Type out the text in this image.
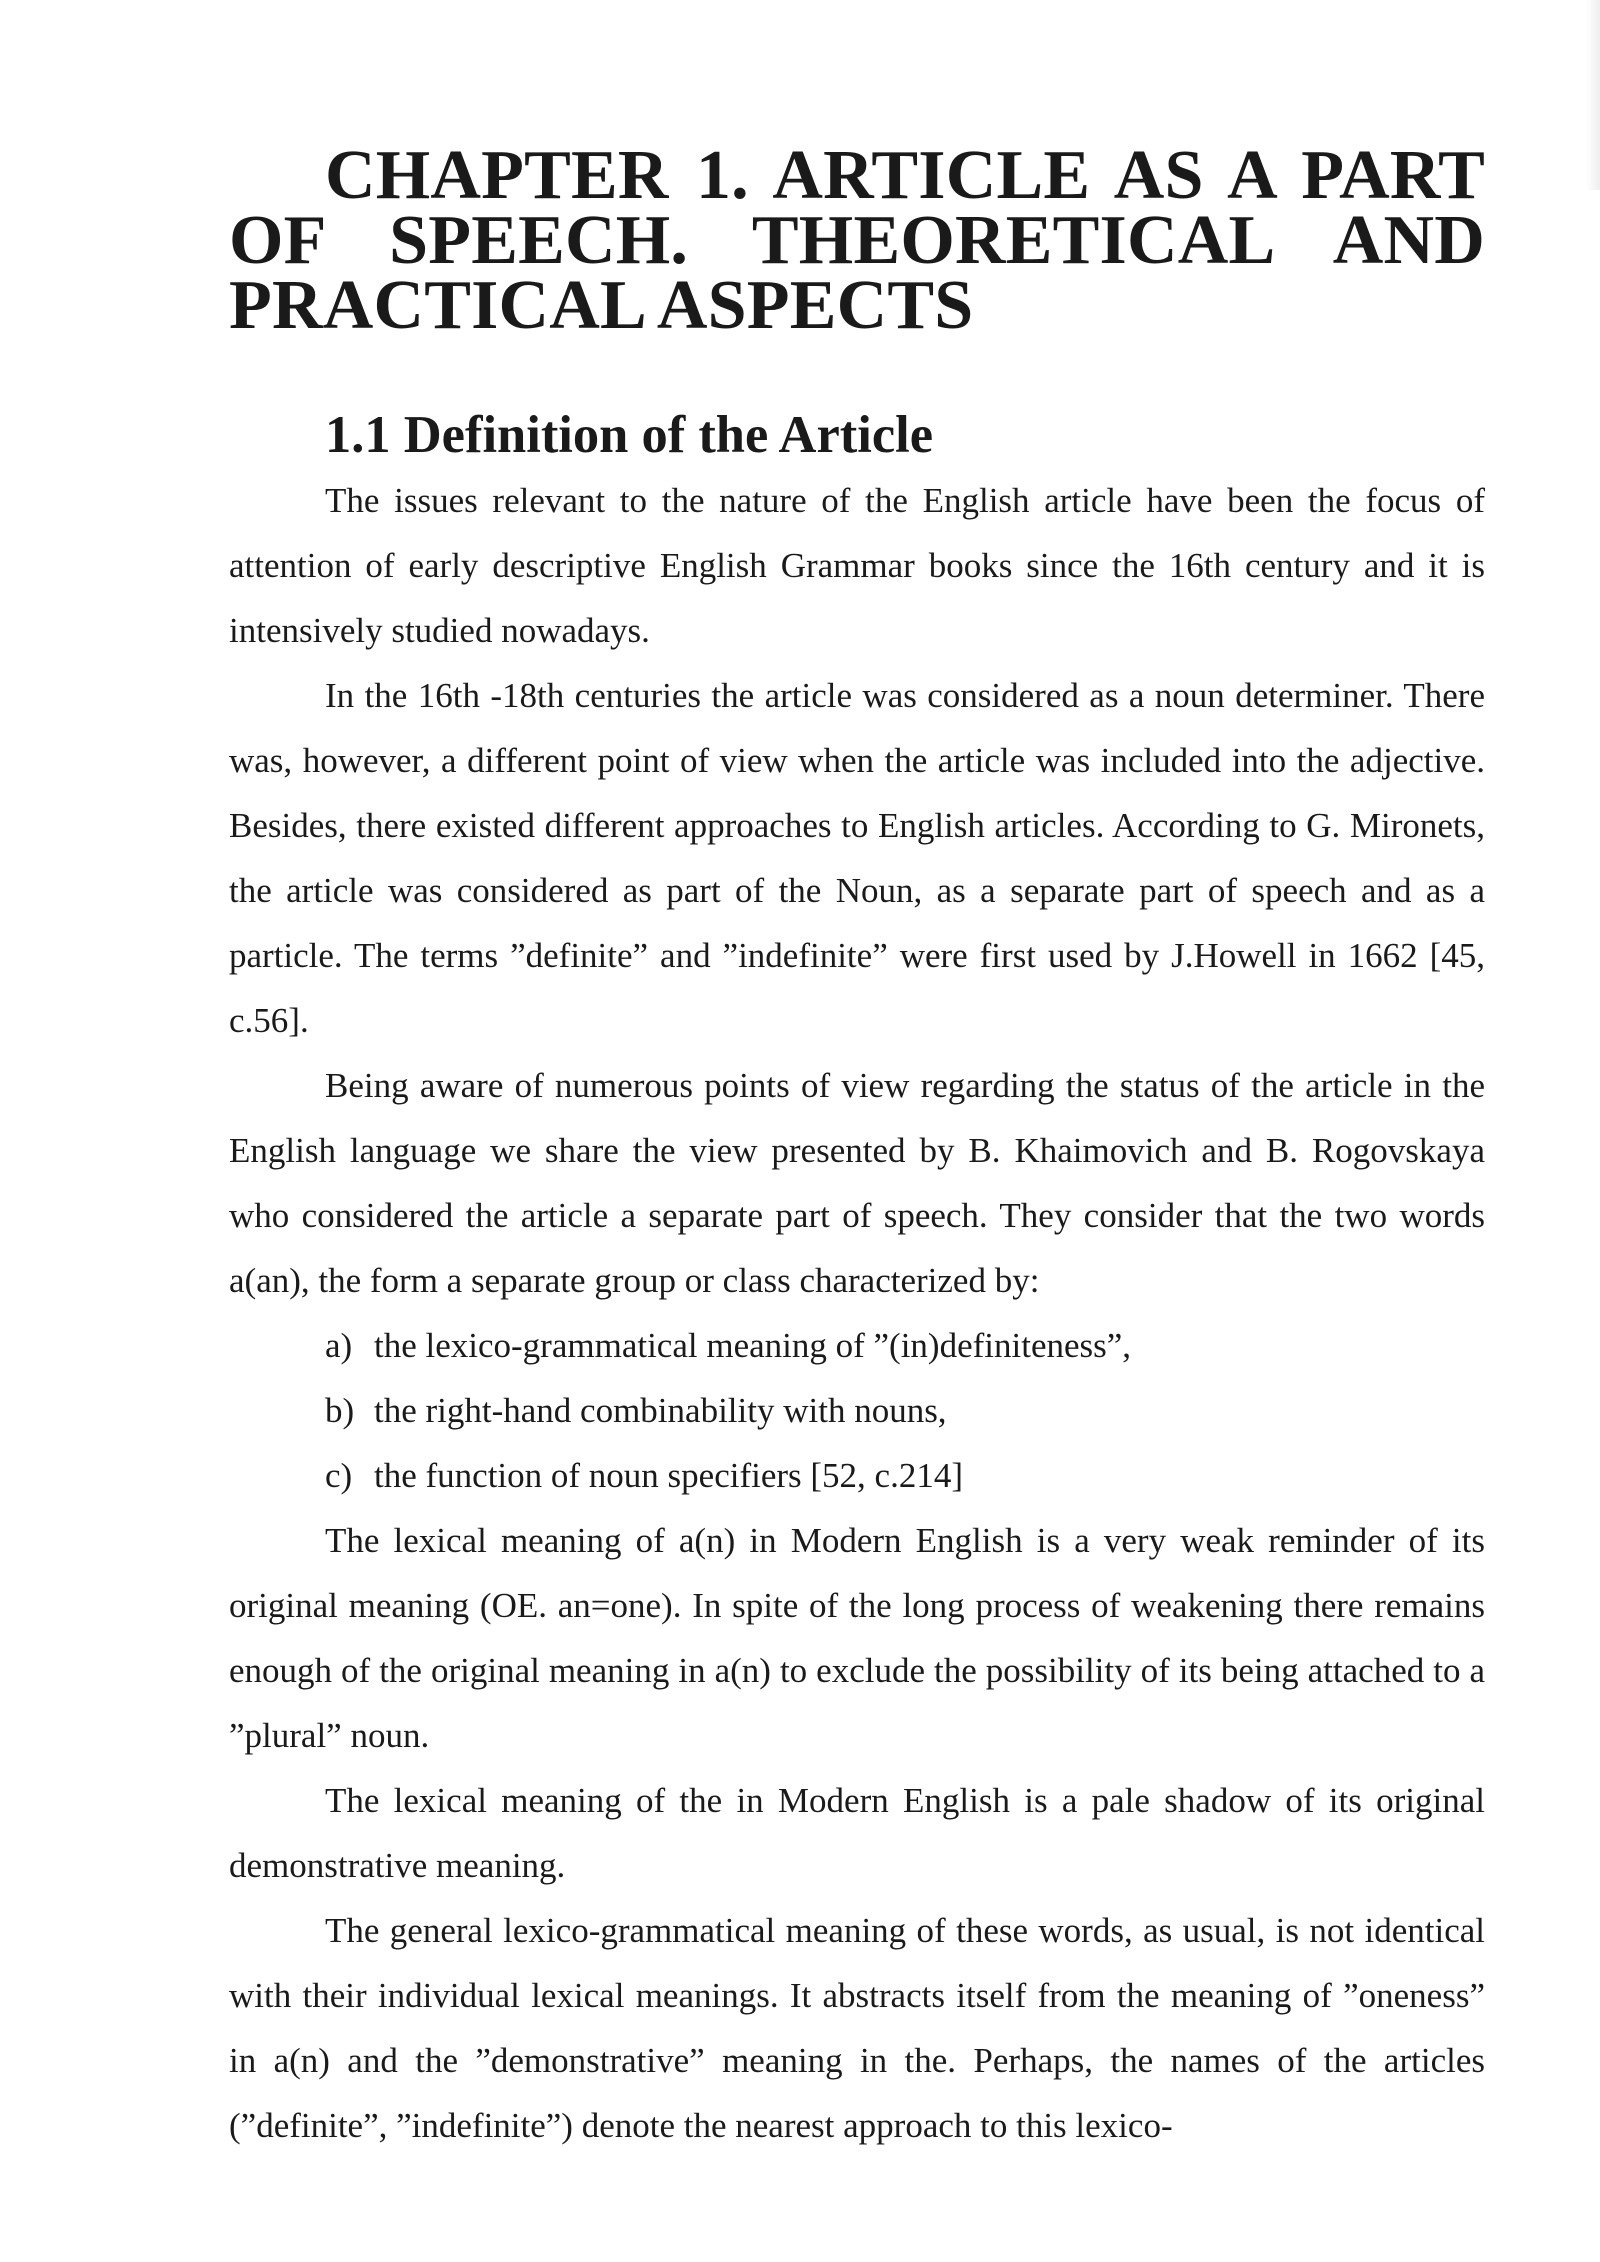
CHAPTER 1. ARTICLE AS A PART OF SPEECH. THEORETICAL AND PRACTICAL ASPECTS
1.1 Definition of the Article

The issues relevant to the nature of the English article have been the focus of attention of early descriptive English Grammar books since the 16th century and it is intensively studied nowadays.

In the 16th -18th centuries the article was considered as a noun determiner. There was, however, a different point of view when the article was included into the adjective. Besides, there existed different approaches to English articles. According to G. Mironets, the article was considered as part of the Noun, as a separate part of speech and as a particle. The terms ”definite” and ”indefinite” were first used by J.Howell in 1662 [45, c.56].

Being aware of numerous points of view regarding the status of the article in the English language we share the view presented by B. Khaimovich and B. Rogovskaya who considered the article a separate part of speech. They consider that the two words a(an), the form a separate group or class characterized by:

a) the lexico-grammatical meaning of ”(in)definiteness”,
b) the right-hand combinability with nouns,
c) the function of noun specifiers [52, c.214]

The lexical meaning of a(n) in Modern English is a very weak reminder of its original meaning (OE. an=one). In spite of the long process of weakening there remains enough of the original meaning in a(n) to exclude the possibility of its being attached to a ”plural” noun.

The lexical meaning of the in Modern English is a pale shadow of its original demonstrative meaning.

The general lexico-grammatical meaning of these words, as usual, is not identical with their individual lexical meanings. It abstracts itself from the meaning of ”oneness” in a(n) and the ”demonstrative” meaning in the. Perhaps, the names of the articles (”definite”, ”indefinite”) denote the nearest approach to this lexico-
